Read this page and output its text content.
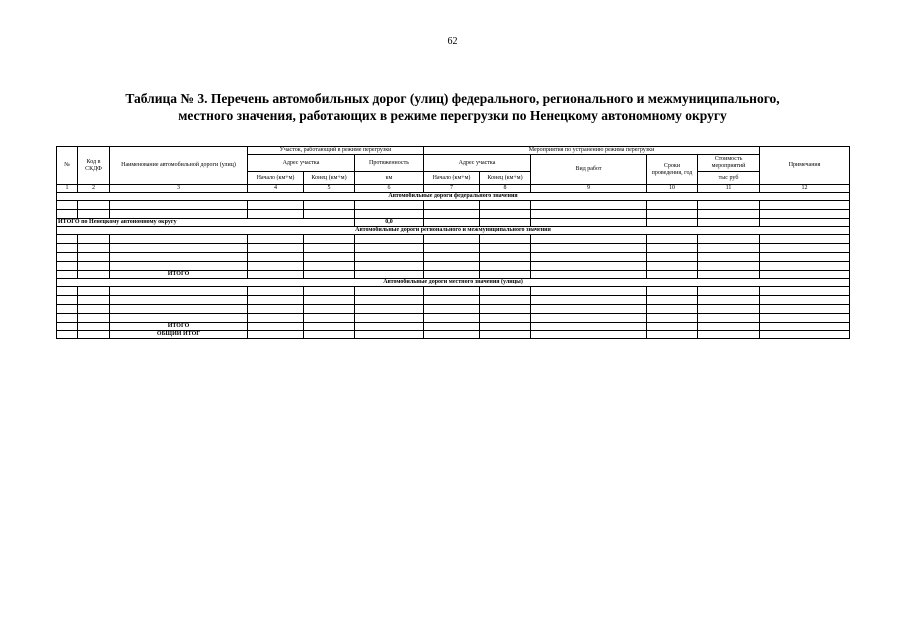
62
Таблица № 3. Перечень автомобильных дорог (улиц) федерального, регионального и межмуниципального,
местного значения, работающих в режиме перегрузки по Ненецкому автономному округу
№	Код в СКДФ	Наименование автомобильной дороги (улиц)	Участок, работающий в режиме перегрузки			Мероприятия по устранению режима перегрузки					Примечания
			Адрес участка		Протяженность	Адрес участка		Вид работ	Сроки проведения, год	Стоимость мероприятий	
			Начало (км+м)	Конец (км+м)	км	Начало (км+м)	Конец (км+м)			тыс руб	
1	2	3	4	5	6	7	8	9	10	11	12
Автомобильные дороги федерального значения											

ИТОГО по Ненецкому автономному округу					0,0						
Автомобильные дороги регионального и межмуниципального значения											

		ИТОГО									
Автомобильные дороги местного значения (улицы)											

		ИТОГО									
		ОБЩИЙ ИТОГ									
